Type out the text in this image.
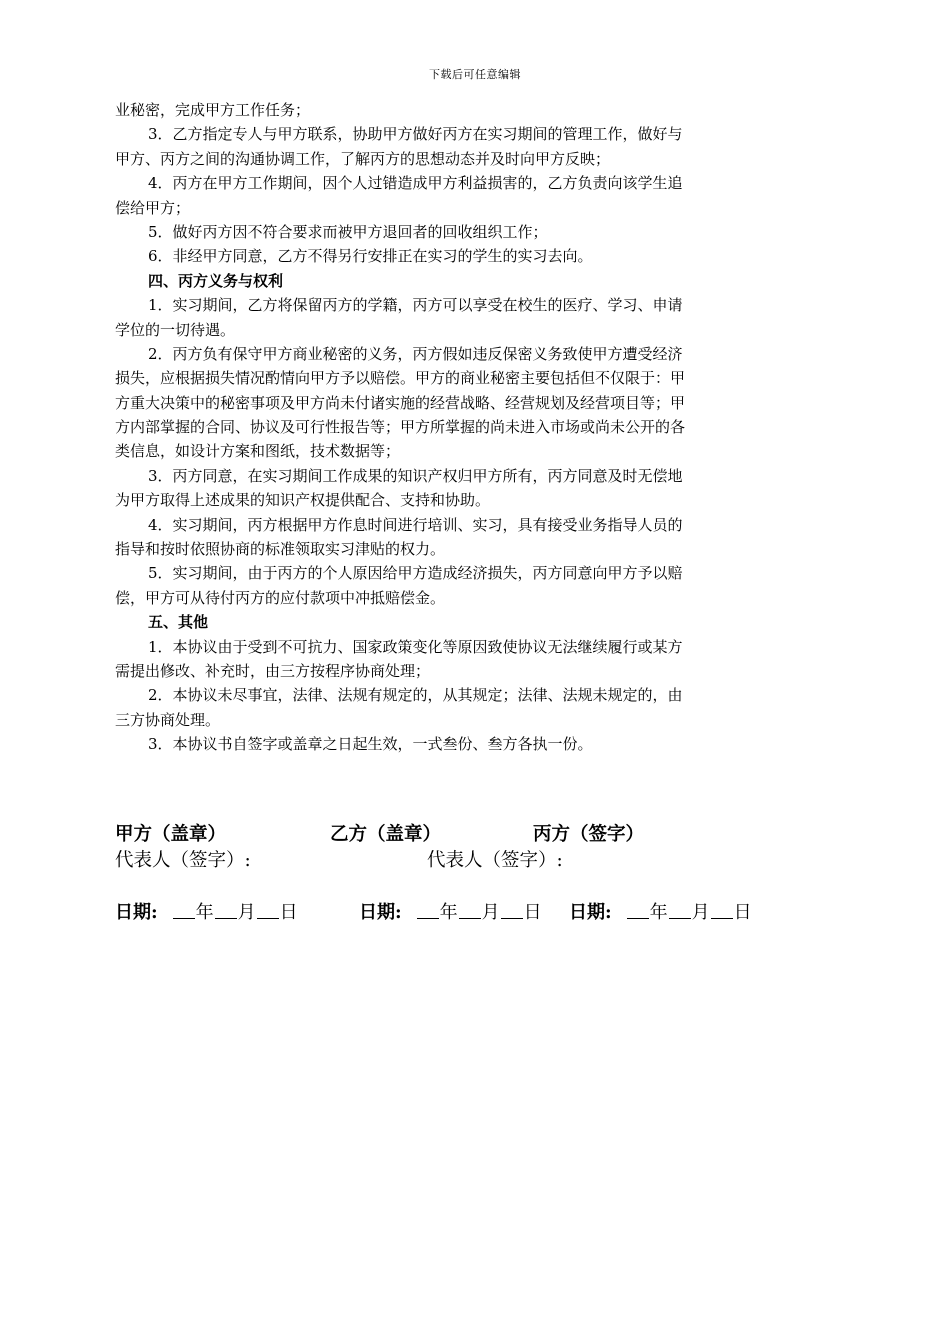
下载后可任意编辑
业秘密，完成甲方工作任务；
3．乙方指定专人与甲方联系，协助甲方做好丙方在实习期间的管理工作，做好与
甲方、丙方之间的沟通协调工作，了解丙方的思想动态并及时向甲方反映；
4．丙方在甲方工作期间，因个人过错造成甲方利益损害的，乙方负责向该学生追
偿给甲方；
5．做好丙方因不符合要求而被甲方退回者的回收组织工作；
6．非经甲方同意，乙方不得另行安排正在实习的学生的实习去向。
四、丙方义务与权利
1．实习期间，乙方将保留丙方的学籍，丙方可以享受在校生的医疗、学习、申请
学位的一切待遇。
2．丙方负有保守甲方商业秘密的义务，丙方假如违反保密义务致使甲方遭受经济
损失，应根据损失情况酌情向甲方予以赔偿。甲方的商业秘密主要包括但不仅限于：甲
方重大决策中的秘密事项及甲方尚未付诸实施的经营战略、经营规划及经营项目等；甲
方内部掌握的合同、协议及可行性报告等；甲方所掌握的尚未进入市场或尚未公开的各
类信息，如设计方案和图纸，技术数据等；
3．丙方同意，在实习期间工作成果的知识产权归甲方所有，丙方同意及时无偿地
为甲方取得上述成果的知识产权提供配合、支持和协助。
4．实习期间，丙方根据甲方作息时间进行培训、实习，具有接受业务指导人员的
指导和按时依照协商的标准领取实习津贴的权力。
5．实习期间，由于丙方的个人原因给甲方造成经济损失，丙方同意向甲方予以赔
偿，甲方可从待付丙方的应付款项中冲抵赔偿金。
五、其他
1．本协议由于受到不可抗力、国家政策变化等原因致使协议无法继续履行或某方
需提出修改、补充时，由三方按程序协商处理；
2．本协议未尽事宜，法律、法规有规定的，从其规定；法律、法规未规定的，由
三方协商处理。
3．本协议书自签字或盖章之日起生效，一式叁份、叁方各执一份。
甲方（盖章）	乙方（盖章）	丙方（签字）
代表人（签字）:	代表人（签字）:
日期: 年 月 日	日期: 年 月 日 日期: 年 月 日
